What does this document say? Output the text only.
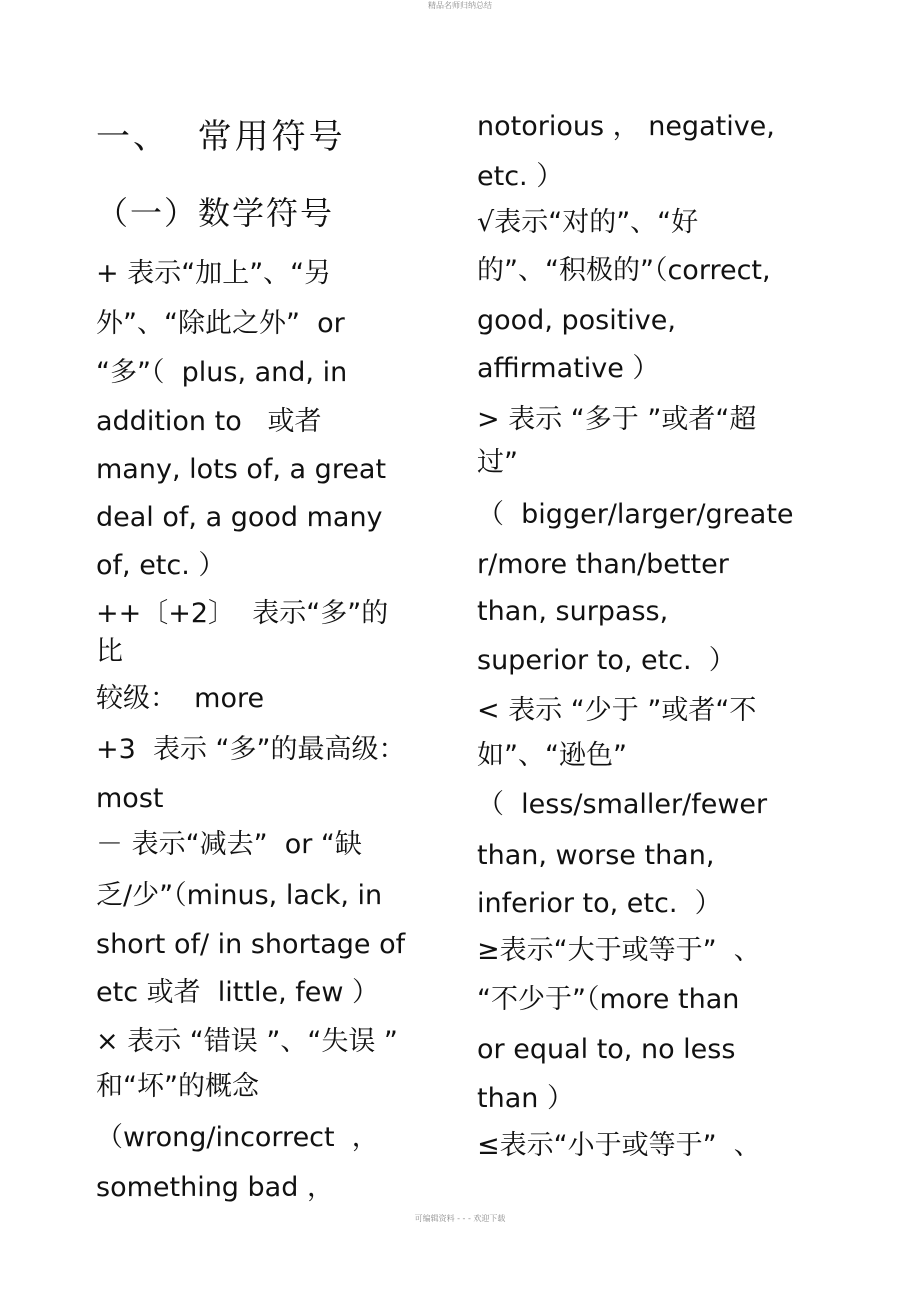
精品名师归纳总结
一、  常用符号
（一）数学符号
+ 表示“加上”、“另
外”、“除此之外”  or
“多”（  plus, and, in
addition to   或者
many, lots of, a great
deal of, a good many
of, etc. ）
++〔+2〕  表示“多”的
比
较级：  more
+3  表示 “多”的最高级：
most
－ 表示“减去”  or “缺
乏/少”（minus, lack, in
short of/ in shortage of
etc 或者  little, few ）
× 表示 “错误 ”、“失误 ”
和“坏”的概念
（wrong/incorrect  ，
something bad ，
notorious ， negative,
etc. ）
√表示“对的”、“好
的”、“积极的”（correct,
good, positive,
affirmative ）
> 表示 “多于 ”或者“超
过”
（  bigger/larger/greate
r/more than/better
than, surpass,
superior to, etc.  ）
< 表示 “少于 ”或者“不
如”、“逊色”
（  less/smaller/fewer
than, worse than,
inferior to, etc.  ）
≥表示“大于或等于”  、
“不少于”（more than
or equal to, no less
than ）
≤表示“小于或等于”  、
可编辑资料 - - - 欢迎下载
